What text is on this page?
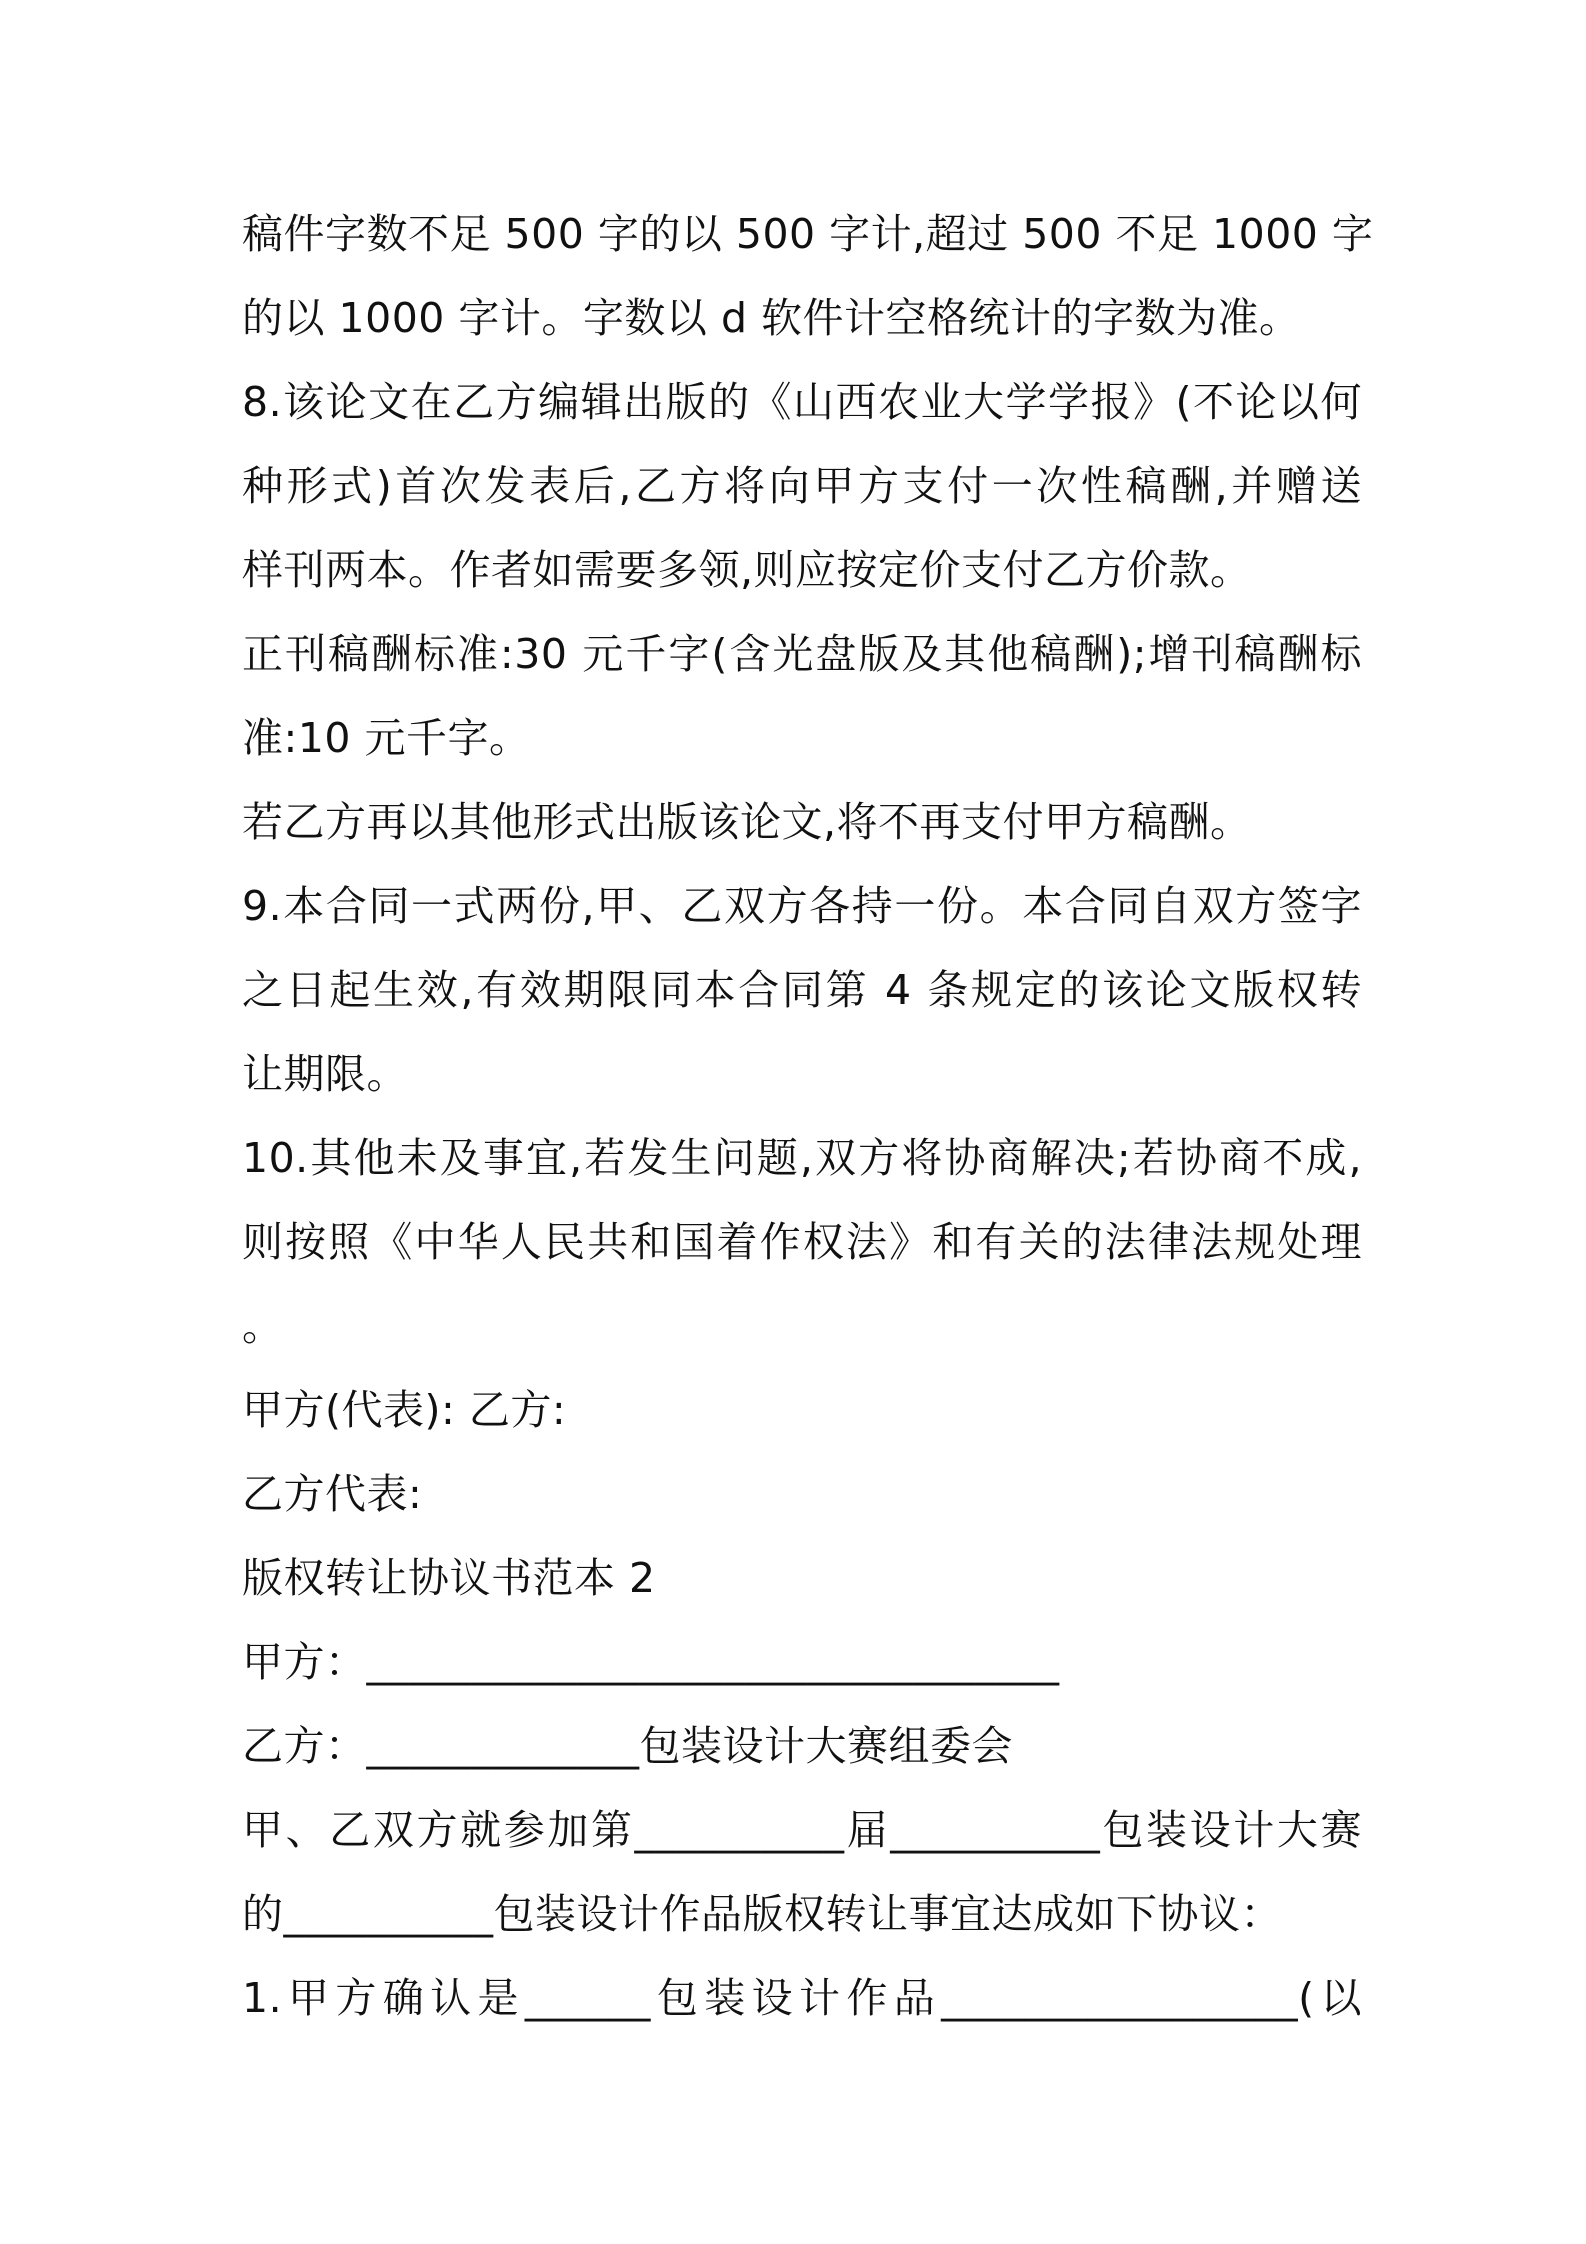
稿件字数不足 500 字的以 500 字计,超过 500 不足 1000 字
的以 1000 字计。字数以 d 软件计空格统计的字数为准。
8.该论文在乙方编辑出版的《山西农业大学学报》(不论以何
种形式)首次发表后,乙方将向甲方支付一次性稿酬,并赠送
样刊两本。作者如需要多领,则应按定价支付乙方价款。
正刊稿酬标准:30 元千字(含光盘版及其他稿酬);增刊稿酬标
准:10 元千字。
若乙方再以其他形式出版该论文,将不再支付甲方稿酬。
9.本合同一式两份,甲、乙双方各持一份。本合同自双方签字
之日起生效,有效期限同本合同第 4 条规定的该论文版权转
让期限。
10.其他未及事宜,若发生问题,双方将协商解决;若协商不成,
则按照《中华人民共和国着作权法》和有关的法律法规处理
。
甲方(代表): 乙方:
乙方代表:
版权转让协议书范本 2
甲方：_________________________________
乙方：_____________包装设计大赛组委会
甲、乙双方就参加第__________届__________包装设计大赛
的__________包装设计作品版权转让事宜达成如下协议：
1.甲方确认是______包装设计作品_________________(以
